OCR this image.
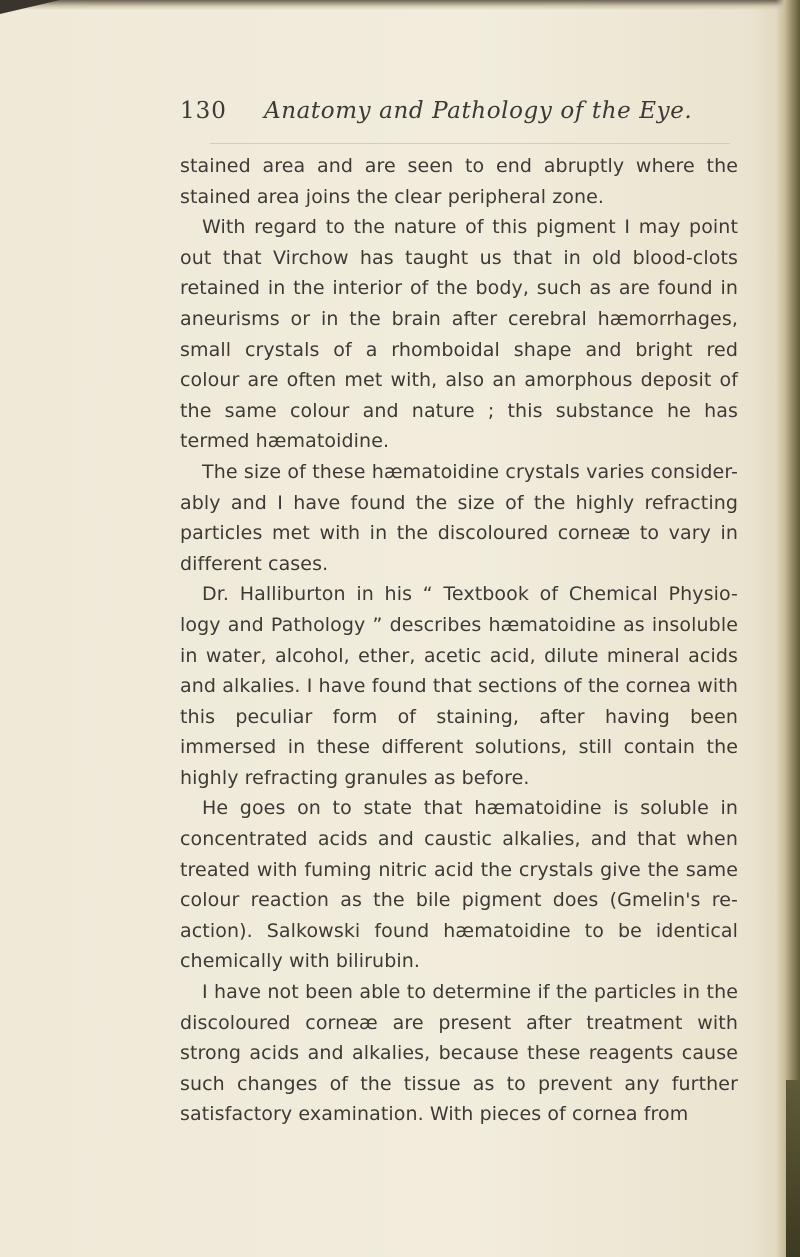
130 Anatomy and Pathology of the Eye.

stained area and are seen to end abruptly where the stained area joins the clear peripheral zone.

With regard to the nature of this pigment I may point out that Virchow has taught us that in old blood-clots retained in the interior of the body, such as are found in aneurisms or in the brain after cerebral hæmorrhages, small crystals of a rhomboidal shape and bright red colour are often met with, also an amorphous deposit of the same colour and nature ; this substance he has termed hæmatoidine.

The size of these hæmatoidine crystals varies consider-ably and I have found the size of the highly refracting particles met with in the discoloured corneæ to vary in different cases.

Dr. Halliburton in his “ Textbook of Chemical Physio-logy and Pathology ” describes hæmatoidine as insoluble in water, alcohol, ether, acetic acid, dilute mineral acids and alkalies. I have found that sections of the cornea with this peculiar form of staining, after having been immersed in these different solutions, still contain the highly refracting granules as before.

He goes on to state that hæmatoidine is soluble in concentrated acids and caustic alkalies, and that when treated with fuming nitric acid the crystals give the same colour reaction as the bile pigment does (Gmelin's re-action). Salkowski found hæmatoidine to be identical chemically with bilirubin.

I have not been able to determine if the particles in the discoloured corneæ are present after treatment with strong acids and alkalies, because these reagents cause such changes of the tissue as to prevent any further satisfactory examination. With pieces of cornea from
